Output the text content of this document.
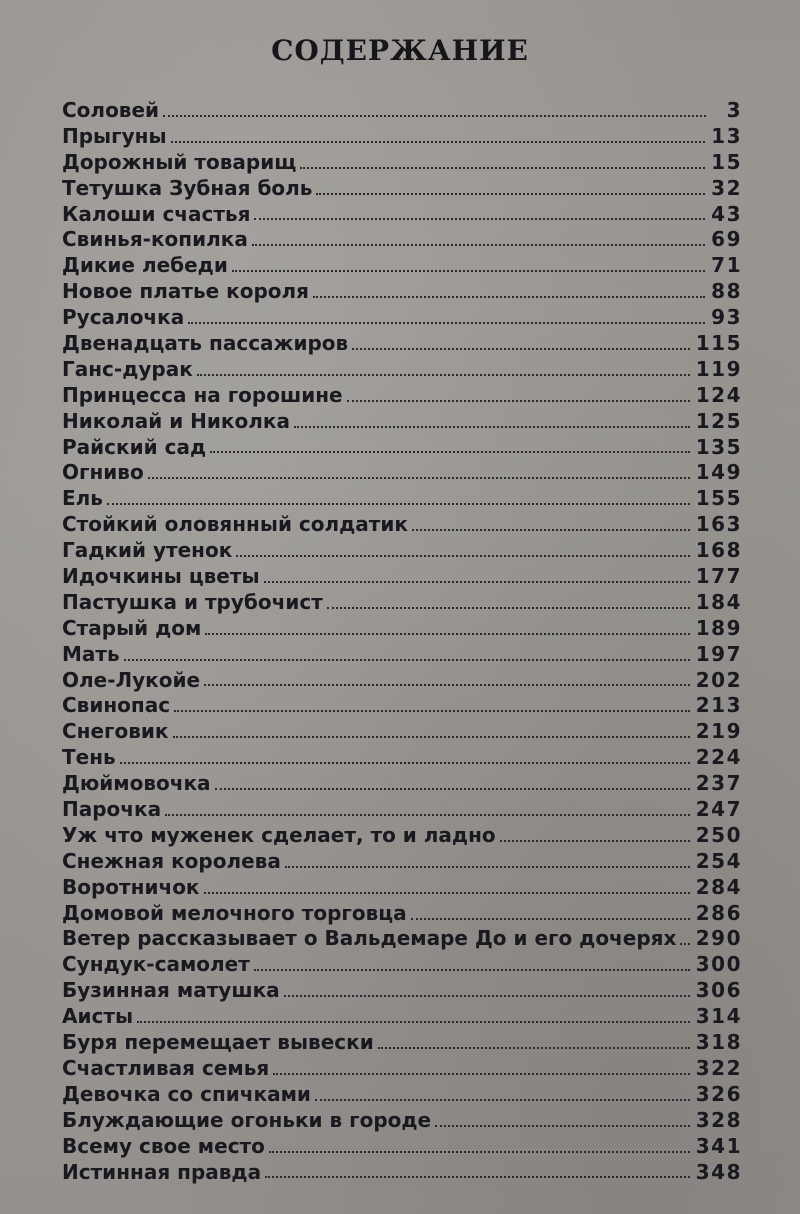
СОДЕРЖАНИЕ
Соловей	3
Прыгуны	13
Дорожный товарищ	15
Тетушка Зубная боль	32
Калоши счастья	43
Свинья-копилка	69
Дикие лебеди	71
Новое платье короля	88
Русалочка	93
Двенадцать пассажиров	115
Ганс-дурак	119
Принцесса на горошине	124
Николай и Николка	125
Райский сад	135
Огниво	149
Ель	155
Стойкий оловянный солдатик	163
Гадкий утенок	168
Идочкины цветы	177
Пастушка и трубочист	184
Старый дом	189
Мать	197
Оле-Лукойе	202
Свинопас	213
Снеговик	219
Тень	224
Дюймовочка	237
Парочка	247
Уж что муженек сделает, то и ладно	250
Снежная королева	254
Воротничок	284
Домовой мелочного торговца	286
Ветер рассказывает о Вальдемаре До и его дочерях 290
Сундук-самолет	300
Бузинная матушка	306
Аисты	314
Буря перемещает вывески	318
Счастливая семья	322
Девочка со спичками	326
Блуждающие огоньки в городе	328
Всему свое место	341
Истинная правда	348
